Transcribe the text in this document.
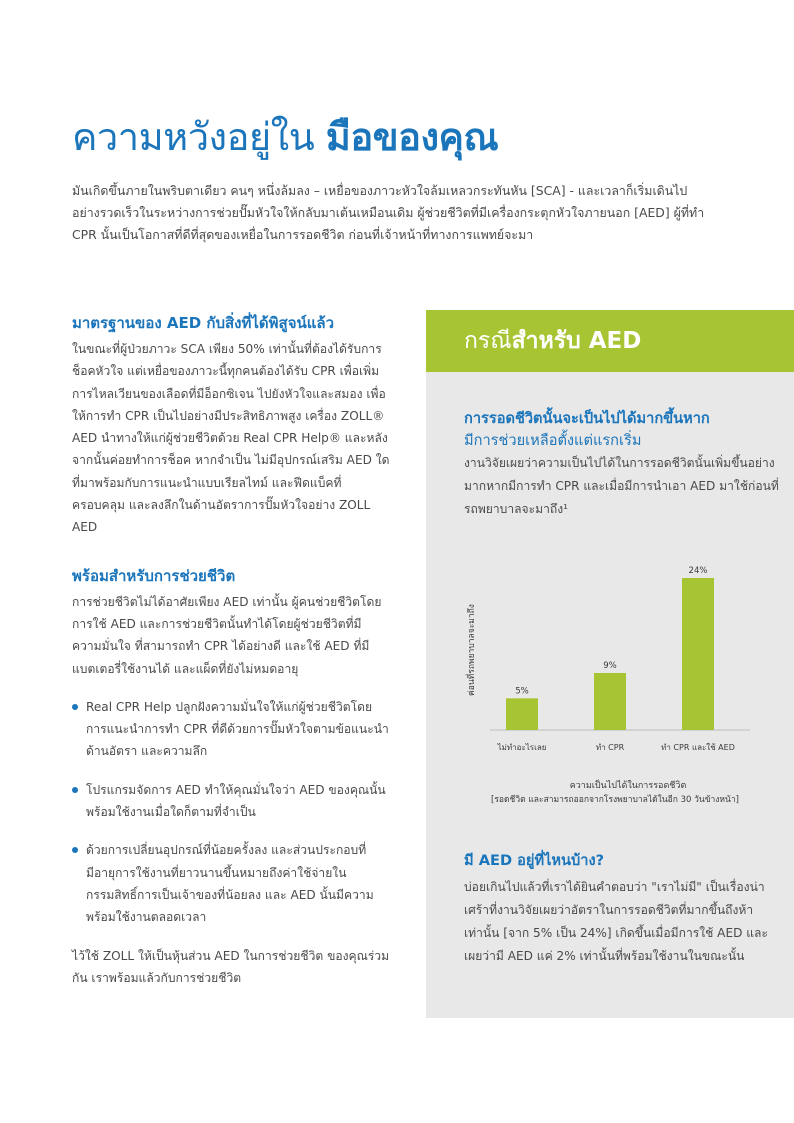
ความหวังอยู่ใน มือของคุณ

มันเกิดขึ้นภายในพริบตาเดียว คนๆ หนึ่งล้มลง – เหยื่อของภาวะหัวใจล้มเหลวกระทันหัน [SCA] - และเวลาก็เริ่มเดินไปอย่างรวดเร็วในระหว่างการช่วยปั๊มหัวใจให้กลับมาเต้นเหมือนเดิม ผู้ช่วยชีวิตที่มีเครื่องกระตุกหัวใจภายนอก [AED] ผู้ที่ทำ CPR นั้นเป็นโอกาสที่ดีที่สุดของเหยื่อในการรอดชีวิต ก่อนที่เจ้าหน้าที่ทางการแพทย์จะมา

มาตรฐานของ AED กับสิ่งที่ได้พิสูจน์แล้ว

ในขณะที่ผู้ป่วยภาวะ SCA เพียง 50% เท่านั้นที่ต้องได้รับการช็อคหัวใจ แต่เหยื่อของภาวะนี้ทุกคนต้องได้รับ CPR เพื่อเพิ่มการไหลเวียนของเลือดที่มีอ็อกซิเจน ไปยังหัวใจและสมอง เพื่อให้การทำ CPR เป็นไปอย่างมีประสิทธิภาพสูง เครื่อง ZOLL® AED นำทางให้แก่ผู้ช่วยชีวิตด้วย Real CPR Help® และหลังจากนั้นค่อยทำการช็อค หากจำเป็น ไม่มีอุปกรณ์เสริม AED ใดที่มาพร้อมกับการแนะนำแบบเรียลไทม์ และฟีดแบ็คที่ครอบคลุม และลงลึกในด้านอัตราการปั๊มหัวใจอย่าง ZOLL AED

พร้อมสำหรับการช่วยชีวิต

การช่วยชีวิตไม่ได้อาศัยเพียง AED เท่านั้น ผู้คนช่วยชีวิตโดยการใช้ AED และการช่วยชีวิตนั้นทำได้โดยผู้ช่วยชีวิตที่มีความมั่นใจ ที่สามารถทำ CPR ได้อย่างดี และใช้ AED ที่มีแบตเตอรี่ใช้งานได้ และแผ็ดที่ยังไม่หมดอายุ

Real CPR Help ปลูกฝังความมั่นใจให้แก่ผู้ช่วยชีวิตโดยการแนะนำการทำ CPR ที่ดีด้วยการปั๊มหัวใจตามข้อแนะนำด้านอัตรา และความลึก
โปรแกรมจัดการ AED ทำให้คุณมั่นใจว่า AED ของคุณนั้นพร้อมใช้งานเมื่อใดก็ตามที่จำเป็น
ด้วยการเปลี่ยนอุปกรณ์ที่น้อยครั้งลง และส่วนประกอบที่มีอายุการใช้งานที่ยาวนานขึ้นหมายถึงค่าใช้จ่ายในกรรมสิทธิ์การเป็นเจ้าของที่น้อยลง และ AED นั้นมีความพร้อมใช้งานตลอดเวลา

ไว้ใช้ ZOLL ให้เป็นหุ้นส่วน AED ในการช่วยชีวิต ของคุณร่วมกัน เราพร้อมแล้วกับการช่วยชีวิต

กรณีสำหรับ AED
การรอดชีวิตนั้นจะเป็นไปได้มากขึ้นหาก
มีการช่วยเหลือตั้งแต่แรกเริ่ม

งานวิจัยเผยว่าความเป็นไปได้ในการรอดชีวิตนั้นเพิ่มขึ้นอย่างมากหากมีการทำ CPR และเมื่อมีการนำเอา AED มาใช้ก่อนที่รถพยาบาลจะมาถึง¹

มี AED อยู่ที่ไหนบ้าง?

บ่อยเกินไปแล้วที่เราได้ยินคำตอบว่า "เราไม่มี" เป็นเรื่องน่าเศร้าที่งานวิจัยเผยว่าอัตราในการรอดชีวิตที่มากขึ้นถึงห้าเท่านั้น [จาก 5% เป็น 24%] เกิดขึ้นเมื่อมีการใช้ AED และเผยว่ามี AED แค่ 2% เท่านั้นที่พร้อมใช้งานในขณะนั้น

5%
ไม่ทำอะไรเลย
9%
ทำ CPR
24%
ทำ CPR และใช้ AED
ค่อนที่รถพยาบาลจะมาถึง
ความเป็นไปได้ในการรอดชีวิต
[รอดชีวิต และสามารถออกจากโรงพยาบาลได้ในอีก 30 วันข้างหน้า]
